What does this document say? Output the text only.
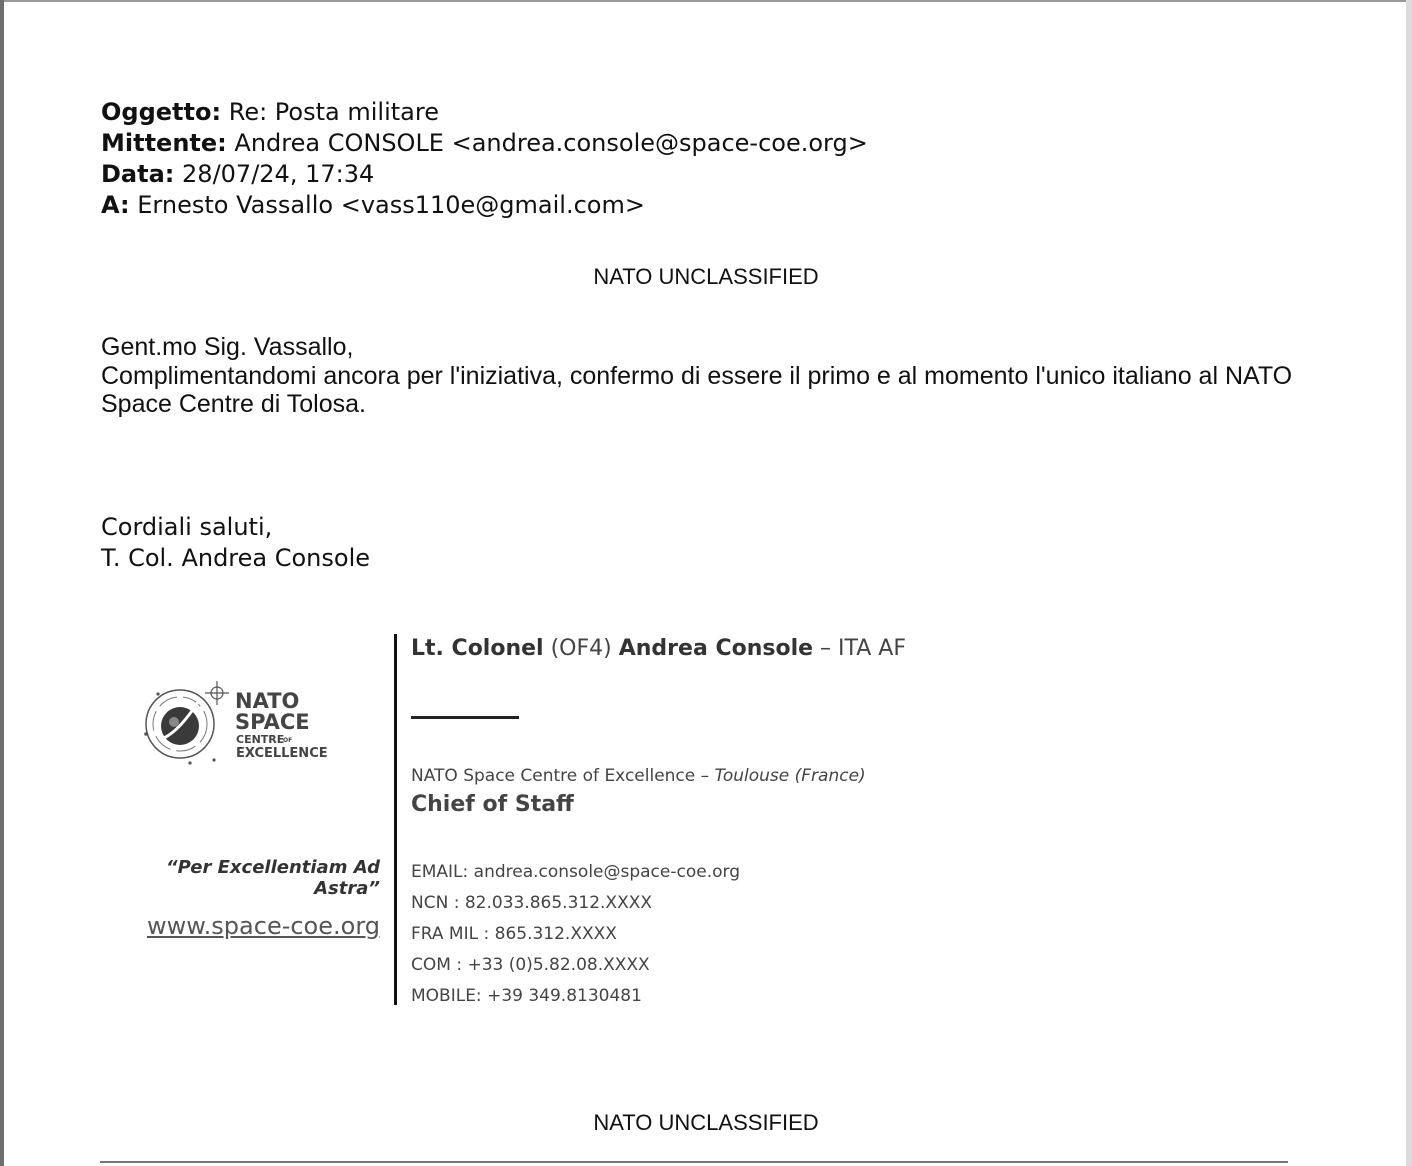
Oggetto: Re: Posta militare
Mittente: Andrea CONSOLE <andrea.console@space-coe.org>
Data: 28/07/24, 17:34
A: Ernesto Vassallo <vass110e@gmail.com>
NATO UNCLASSIFIED
Gent.mo Sig. Vassallo,
Complimentandomi ancora per l'iniziativa, confermo di essere il primo e al momento l'unico italiano al NATO Space Centre di Tolosa.
Cordiali saluti,
T. Col. Andrea Console
NATO
SPACE
CENTRE
OF
EXCELLENCE
“Per Excellentiam Ad Astra”
www.space-coe.org
Lt. Colonel (OF4) Andrea Console – ITA AF
NATO Space Centre of Excellence – Toulouse (France)
Chief of Staff
EMAIL: andrea.console@space-coe.org
NCN : 82.033.865.312.XXXX
FRA MIL : 865.312.XXXX
COM : +33 (0)5.82.08.XXXX
MOBILE: +39 349.8130481
NATO UNCLASSIFIED
